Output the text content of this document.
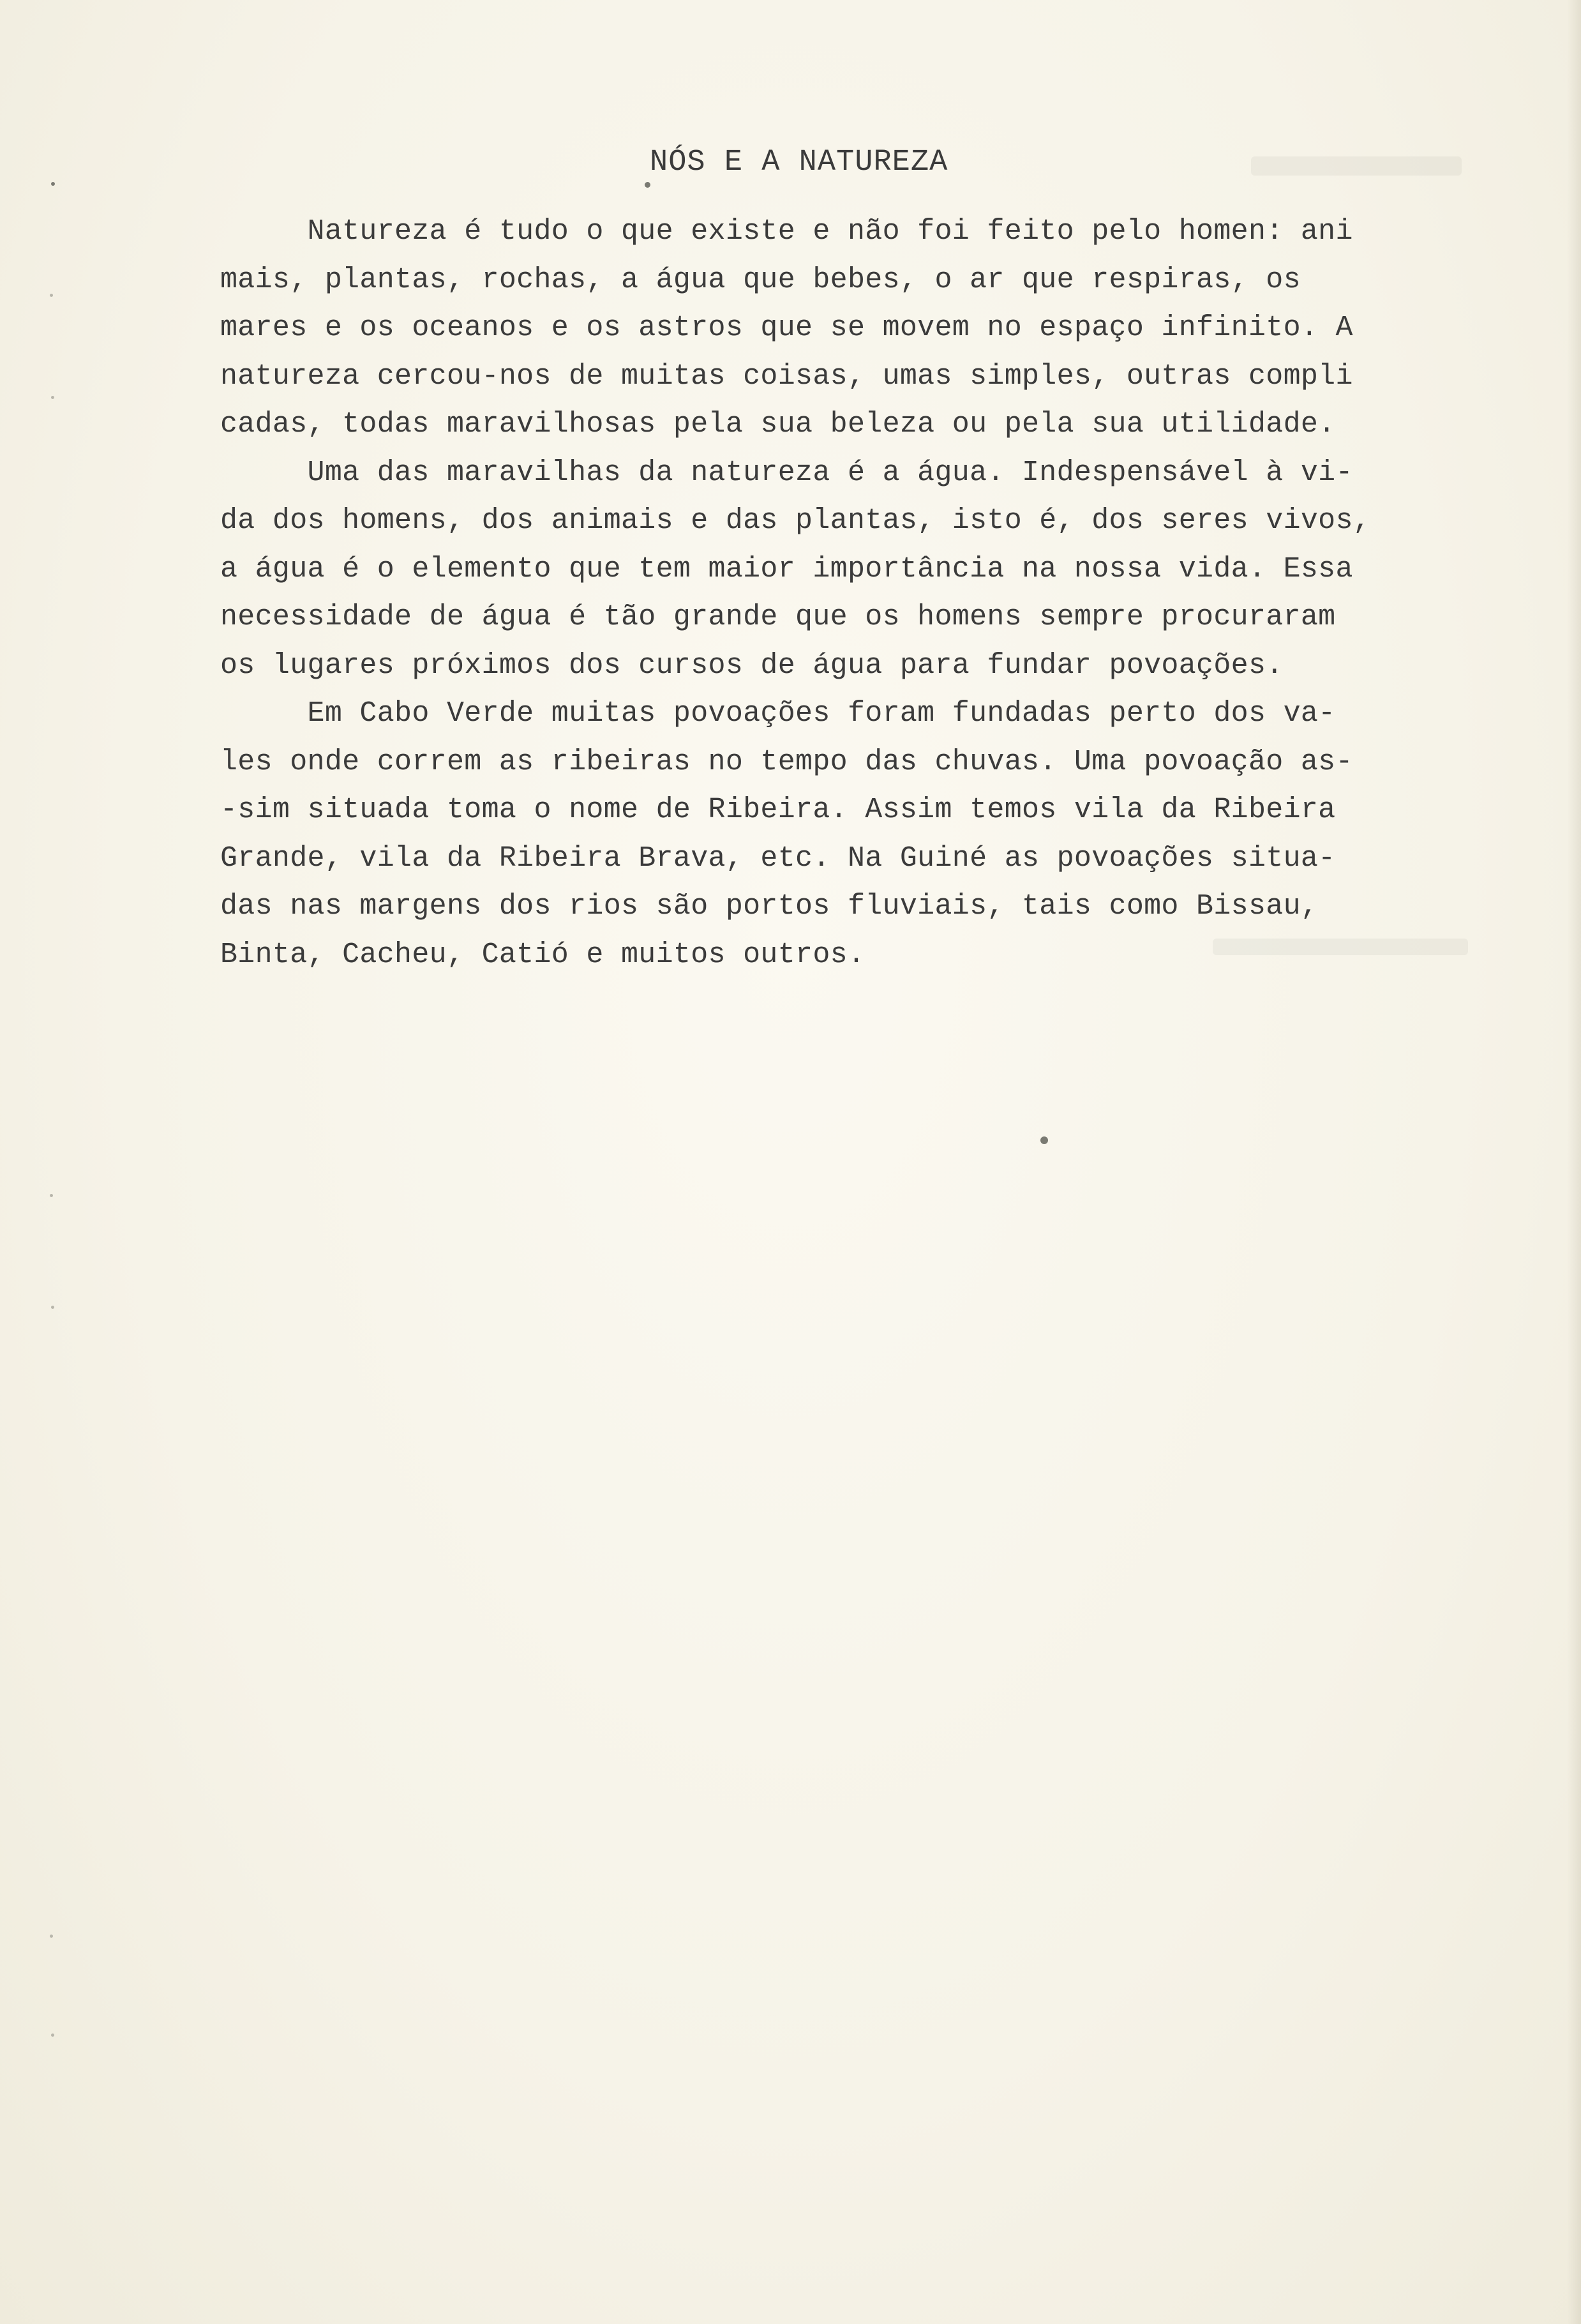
NÓS E A NATUREZA
Natureza é tudo o que existe e não foi feito pelo homen: ani
mais, plantas, rochas, a água que bebes, o ar que respiras, os
mares e os oceanos e os astros que se movem no espaço infinito. A
natureza cercou-nos de muitas coisas, umas simples, outras compli
cadas, todas maravilhosas pela sua beleza ou pela sua utilidade.
Uma das maravilhas da natureza é a água. Indespensável à vi-
da dos homens, dos animais e das plantas, isto é, dos seres vivos,
a água é o elemento que tem maior importância na nossa vida. Essa
necessidade de água é tão grande que os homens sempre procuraram
os lugares próximos dos cursos de água para fundar povoações.
Em Cabo Verde muitas povoações foram fundadas perto dos va-
les onde correm as ribeiras no tempo das chuvas. Uma povoação as-
-sim situada toma o nome de Ribeira. Assim temos vila da Ribeira
Grande, vila da Ribeira Brava, etc. Na Guiné as povoações situa-
das nas margens dos rios são portos fluviais, tais como Bissau,
Binta, Cacheu, Catió e muitos outros.
